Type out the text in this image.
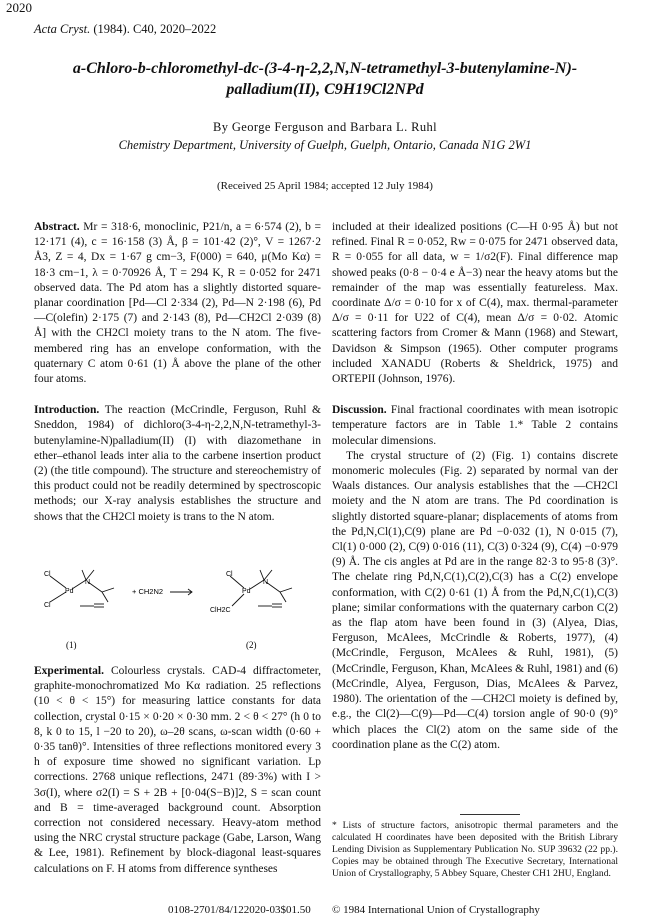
2020
Acta Cryst. (1984). C40, 2020–2022
a-Chloro-b-chloromethyl-dc-(3-4-η-2,2,N,N-tetramethyl-3-butenylamine-N)-
palladium(II), C9H19Cl2NPd
By George Ferguson and Barbara L. Ruhl
Chemistry Department, University of Guelph, Guelph, Ontario, Canada N1G 2W1
(Received 25 April 1984; accepted 12 July 1984)

Abstract. Mr = 318·6, monoclinic, P21/n, a = 6·574 (2), b = 12·171 (4), c = 16·158 (3) Å, β = 101·42 (2)°, V = 1267·2 Å3, Z = 4, Dx = 1·67 g cm−3, F(000) = 640, μ(Mo Kα) = 18·3 cm−1, λ = 0·70926 Å, T = 294 K, R = 0·052 for 2471 observed data. The Pd atom has a slightly distorted square-planar coordination [Pd—Cl 2·334 (2), Pd—N 2·198 (6), Pd—C(olefin) 2·175 (7) and 2·143 (8), Pd—CH2Cl 2·039 (8) Å] with the CH2Cl moiety trans to the N atom. The five-membered ring has an envelope conformation, with the quaternary C atom 0·61 (1) Å above the plane of the other four atoms.

Introduction. The reaction (McCrindle, Ferguson, Ruhl & Sneddon, 1984) of dichloro(3-4-η-2,2,N,N-tetramethyl-3-butenylamine-N)palladium(II) (I) with diazomethane in ether–ethanol leads inter alia to the carbene insertion product (2) (the title compound). The structure and stereochemistry of this product could not be readily determined by spectroscopic methods; our X-ray analysis establishes the structure and shows that the CH2Cl moiety is trans to the N atom.

Cl
Cl
Pd
N
+ CH2N2
Cl
Pd
N
ClH2C
(1)	(2)

Experimental. Colourless crystals. CAD-4 diffractometer, graphite-monochromatized Mo Kα radiation. 25 reflections (10 < θ < 15°) for measuring lattice constants for data collection, crystal 0·15 × 0·20 × 0·30 mm. 2 < θ < 27° (h 0 to 8, k 0 to 15, l −20 to 20), ω–2θ scans, ω-scan width (0·60 + 0·35 tanθ)°. Intensities of three reflections monitored every 3 h of exposure time showed no significant variation. Lp corrections. 2768 unique reflections, 2471 (89·3%) with I > 3σ(I), where σ2(I) = S + 2B + [0·04(S−B)]2, S = scan count and B = time-averaged background count. Absorption correction not considered necessary. Heavy-atom method using the NRC crystal structure package (Gabe, Larson, Wang & Lee, 1981). Refinement by block-diagonal least-squares calculations on F. H atoms from difference syntheses

included at their idealized positions (C—H 0·95 Å) but not refined. Final R = 0·052, Rw = 0·075 for 2471 observed data, R = 0·055 for all data, w = 1/σ2(F). Final difference map showed peaks (0·8 − 0·4 e Å−3) near the heavy atoms but the remainder of the map was essentially featureless. Max. coordinate Δ/σ = 0·10 for x of C(4), max. thermal-parameter Δ/σ = 0·11 for U22 of C(4), mean Δ/σ = 0·02. Atomic scattering factors from Cromer & Mann (1968) and Stewart, Davidson & Simpson (1965). Other computer programs included XANADU (Roberts & Sheldrick, 1975) and ORTEPII (Johnson, 1976).

Discussion. Final fractional coordinates with mean isotropic temperature factors are in Table 1.* Table 2 contains molecular dimensions.

The crystal structure of (2) (Fig. 1) contains discrete monomeric molecules (Fig. 2) separated by normal van der Waals distances. Our analysis establishes that the —CH2Cl moiety and the N atom are trans. The Pd coordination is slightly distorted square-planar; displacements of atoms from the Pd,N,Cl(1),C(9) plane are Pd −0·032 (1), N 0·015 (7), Cl(1) 0·000 (2), C(9) 0·016 (11), C(3) 0·324 (9), C(4) −0·979 (9) Å. The cis angles at Pd are in the range 82·3 to 95·8 (3)°. The chelate ring Pd,N,C(1),C(2),C(3) has a C(2) envelope conformation, with C(2) 0·61 (1) Å from the Pd,N,C(1),C(3) plane; similar conformations with the quaternary carbon C(2) as the flap atom have been found in (3) (Alyea, Dias, Ferguson, McAlees, McCrindle & Roberts, 1977), (4) (McCrindle, Ferguson, McAlees & Ruhl, 1981), (5) (McCrindle, Ferguson, Khan, McAlees & Ruhl, 1981) and (6) (McCrindle, Alyea, Ferguson, Dias, McAlees & Parvez, 1980). The orientation of the —CH2Cl moiety is defined by, e.g., the Cl(2)—C(9)—Pd—C(4) torsion angle of 90·0 (9)° which places the Cl(2) atom on the same side of the coordination plane as the C(2) atom.

* Lists of structure factors, anisotropic thermal parameters and the calculated H coordinates have been deposited with the British Library Lending Division as Supplementary Publication No. SUP 39632 (22 pp.). Copies may be obtained through The Executive Secretary, International Union of Crystallography, 5 Abbey Square, Chester CH1 2HU, England.
0108-2701/84/122020-03$01.50 © 1984 International Union of Crystallography
